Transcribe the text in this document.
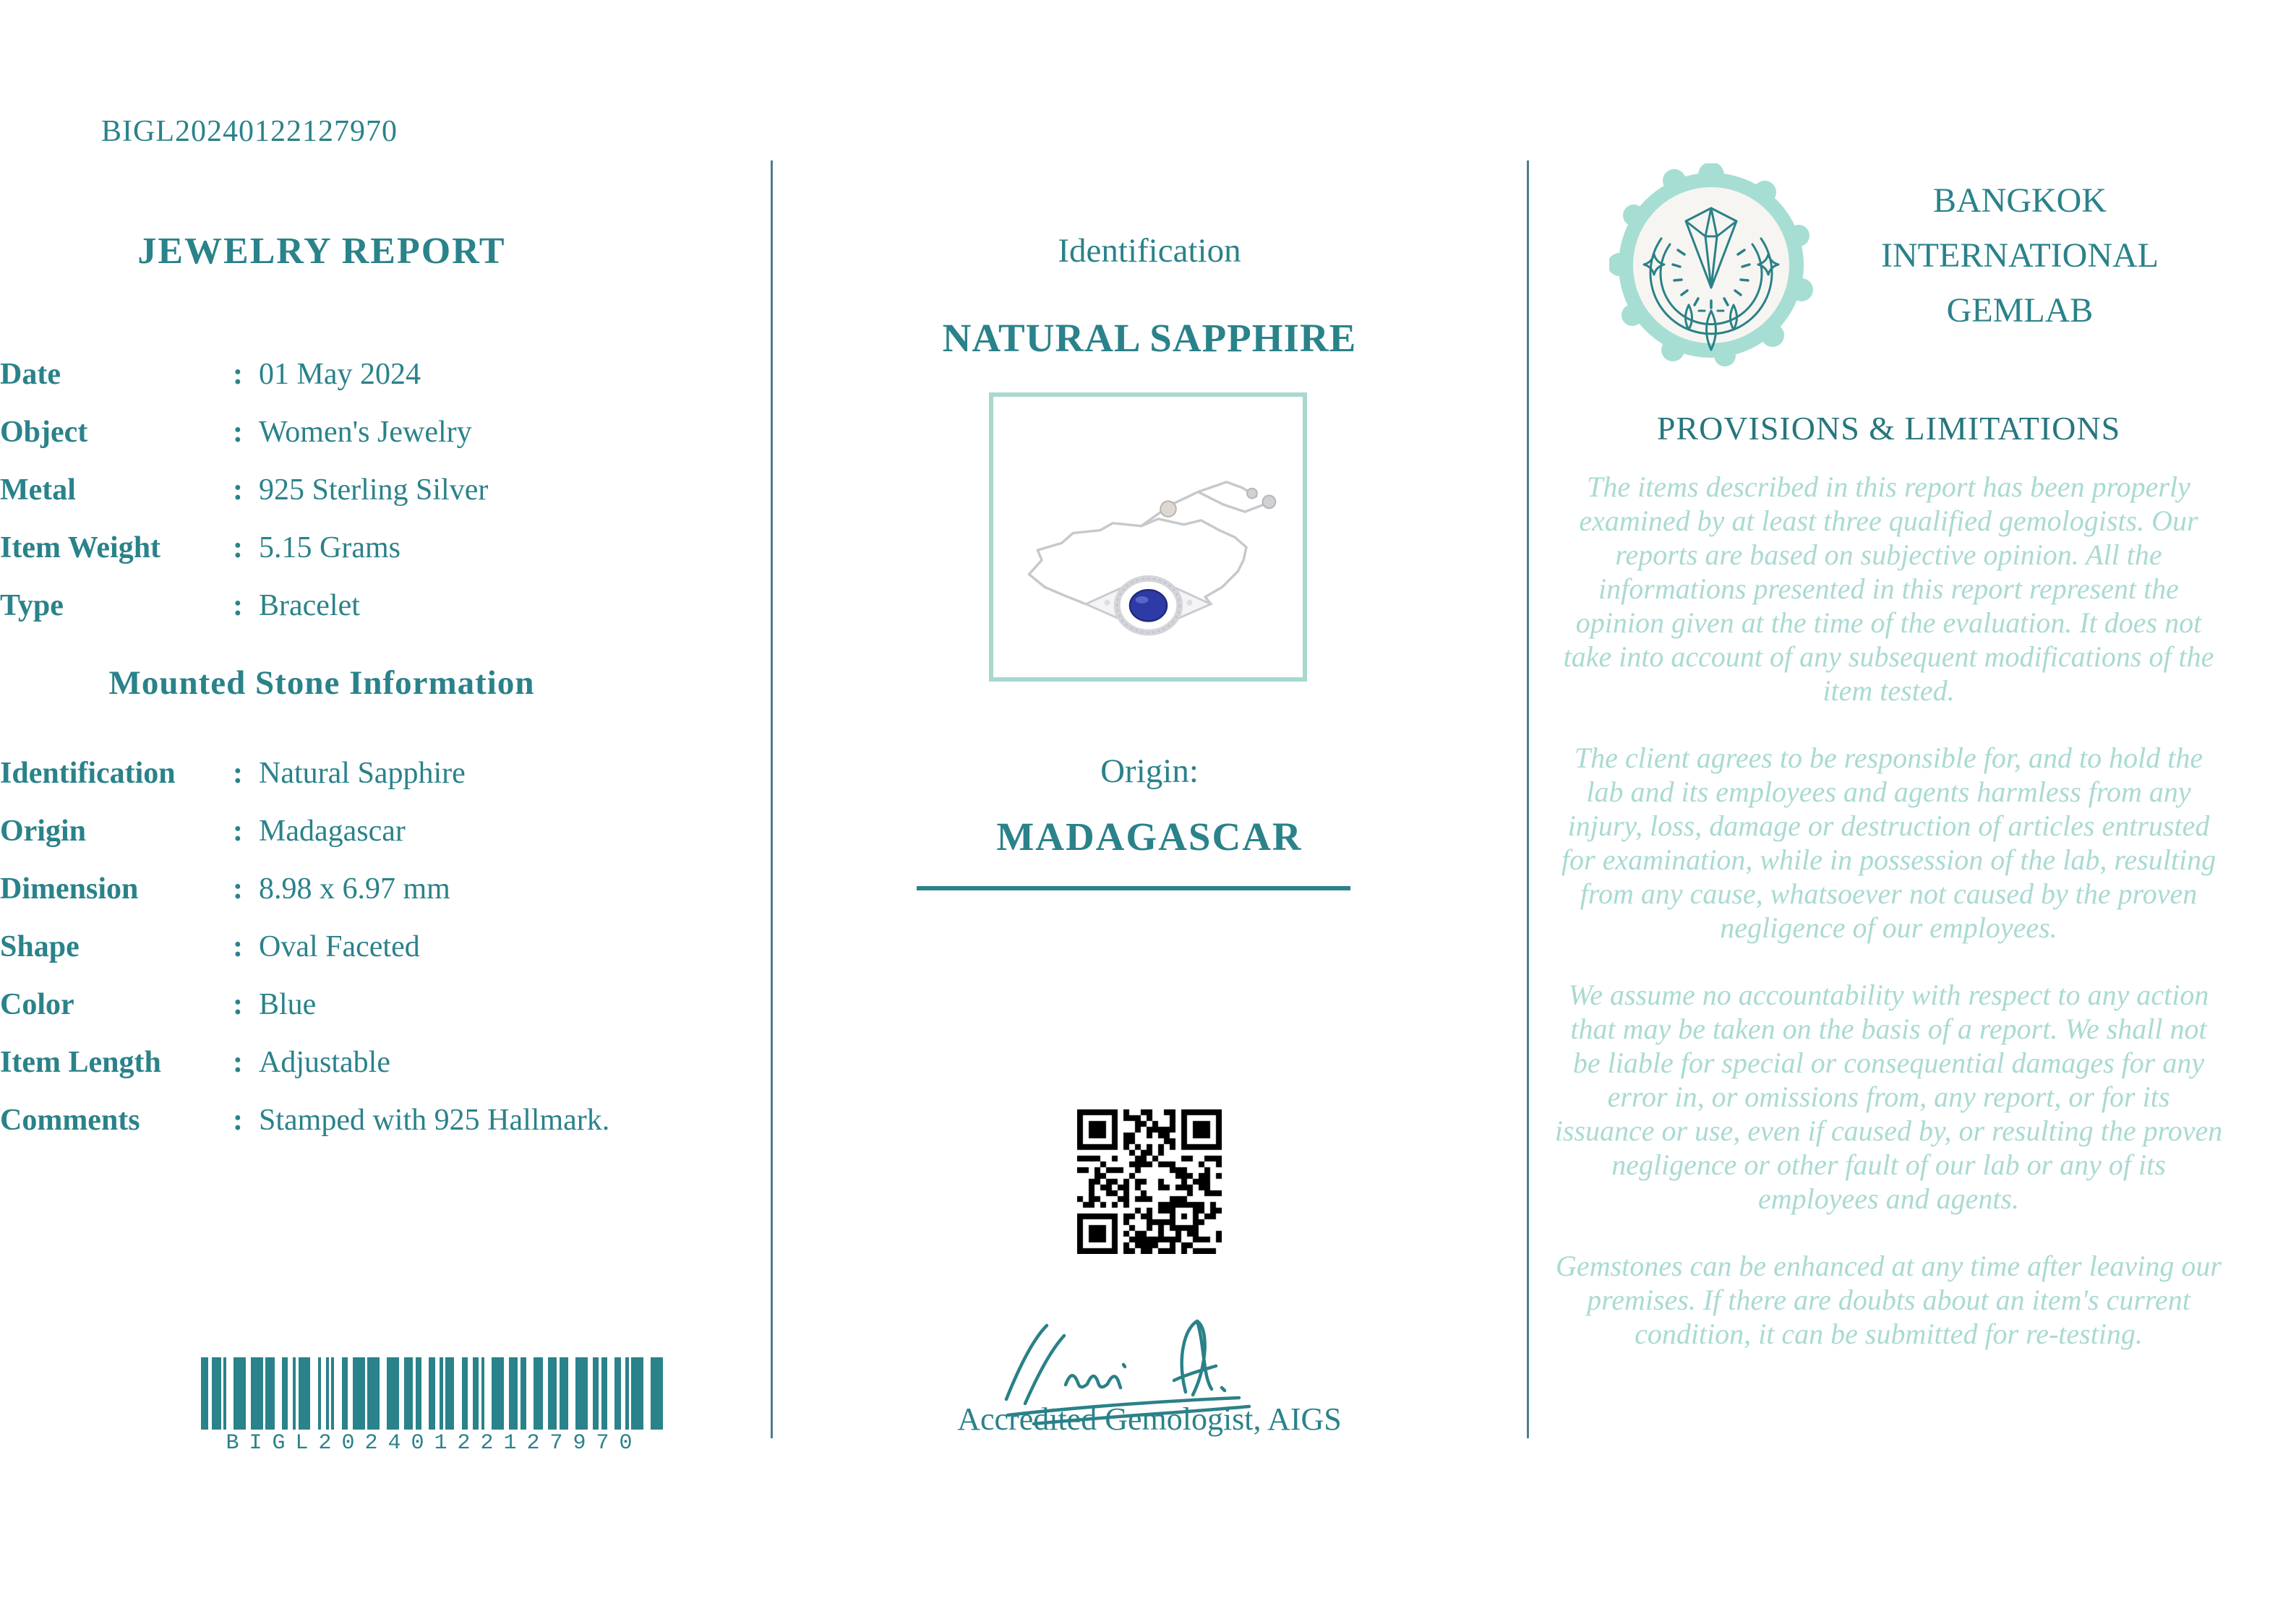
BIGL20240122127970
JEWELRY REPORT
Date	: 01 May 2024
Object	: Women's Jewelry
Metal	: 925 Sterling Silver
Item Weight	: 5.15 Grams
Type	: Bracelet
Mounted Stone Information
Identification	: Natural Sapphire
Origin	: Madagascar
Dimension	: 8.98 x 6.97 mm
Shape	: Oval Faceted
Color	: Blue
Item Length	: Adjustable
Comments	: Stamped with 925 Hallmark.
BIGL20240122127970
Identification
NATURAL SAPPHIRE
Origin:
MADAGASCAR
Accredited Gemologist, AIGS
BANGKOK
INTERNATIONAL
GEMLAB
PROVISIONS & LIMITATIONS

The items described in this report has been properly examined by at least three qualified gemologists. Our reports are based on subjective opinion. All the informations presented in this report represent the opinion given at the time of the evaluation. It does not take into account of any subsequent modifications of the item tested.

The client agrees to be responsible for, and to hold the lab and its employees and agents harmless from any injury, loss, damage or destruction of articles entrusted for examination, while in possession of the lab, resulting from any cause, whatsoever not caused by the proven negligence of our employees.

We assume no accountability with respect to any action that may be taken on the basis of a report. We shall not be liable for special or consequential damages for any error in, or omissions from, any report, or for its issuance or use, even if caused by, or resulting the proven negligence or other fault of our lab or any of its employees and agents.

Gemstones can be enhanced at any time after leaving our premises. If there are doubts about an item's current condition, it can be submitted for re-testing.
